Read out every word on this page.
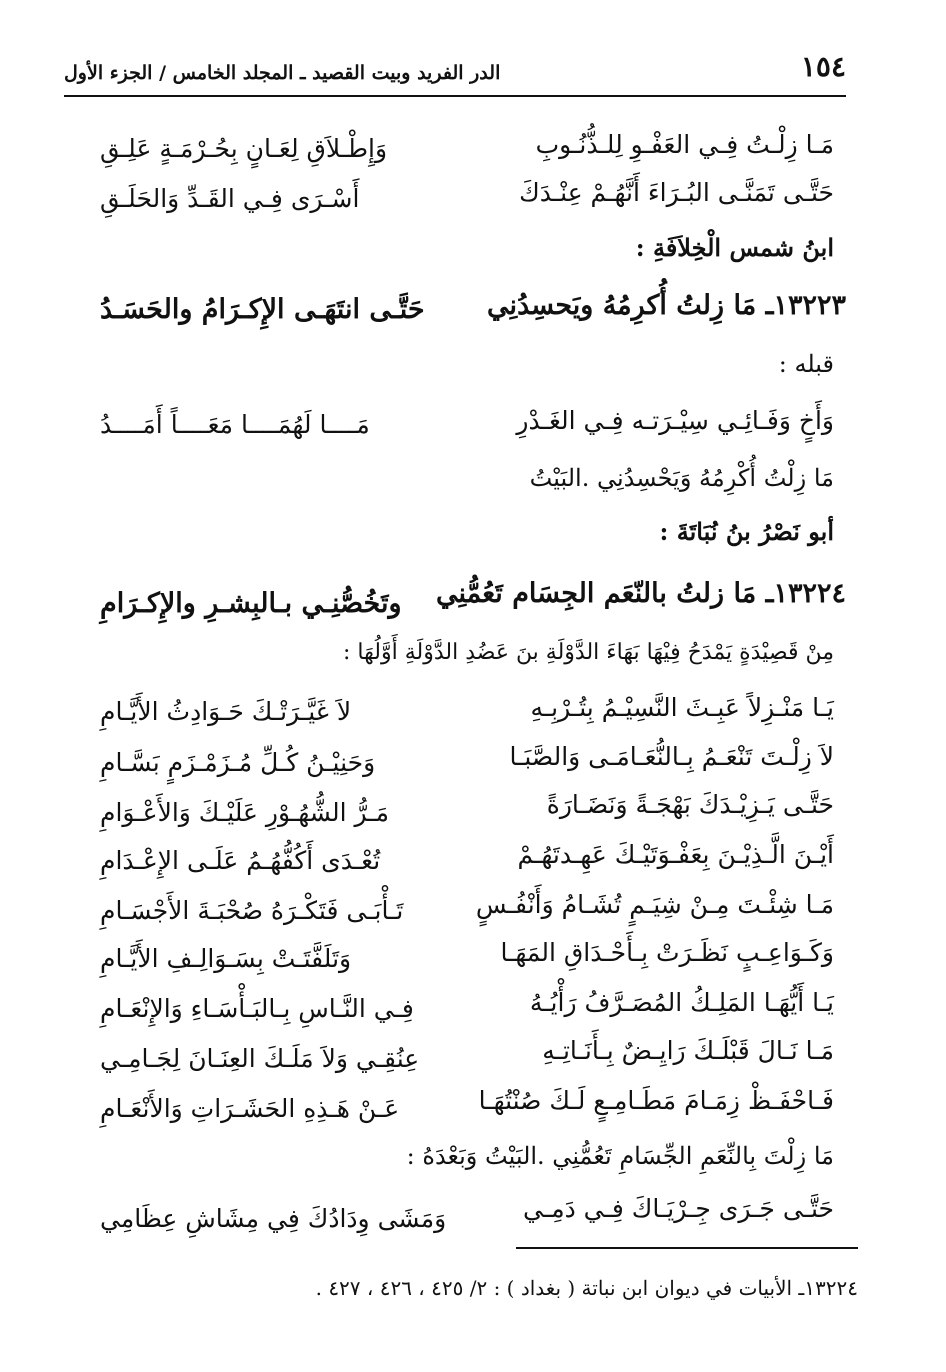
١٥٤
الدر الفريد وبيت القصيد ـ المجلد الخامس / الجزء الأول
مَـا زِلْـتُ فِـي العَفْـوِ لِلـذُّنُـوبِ
وَإِطْـلاَقِ لِعَـانٍ بِحُـرْمَـةٍ عَلِـقِ
حَتَّـى تَمَنَّـى البُـرَاءَ أَنَّهُـمْ عِنْـدَكَ
أَسْـرَى فِـي القَـدِّ وَالحَلَـقِ
ابنُ شمس الْخِلاَفَةِ :
١٣٢٢٣ـ مَا زِلتُ أُكرِمُهُ ويَحسِدُنِي
حَتَّـى انتَهَـى الإِكـرَامُ والحَسَـدُ
قبله :
وَأَخٍ وَفَـائِـي سِيْـرَتـه فِـي الغَـدْرِ
مَــــا لَهُمَــــا مَعَــــاً أَمَــــدُ
مَا زِلْتُ أُكْرِمُهُ وَيَحْسِدُنِي .البَيْتُ
أبو نَصْرُ بنُ نُبَاتَةَ :
١٣٢٢٤ـ مَا زلتُ بالنّعَم الجِسَام تَعُمُّنِي
وتَخُصُّنِـي بـالبِشـرِ والإِكـرَامِ
مِنْ قَصِيْدَةٍ يَمْدَحُ فِيْهَا بَهَاءَ الدَّوْلَةِ بنَ عَضُدِ الدَّوْلَةِ أَوَّلُهَا :
يَـا مَنْـزِلاً عَبِـثَ النَّسِيْـمُ بِتُـرْبِـهِ
لاَ غَيَّـرَتْـكَ حَـوَادِثُ الأَيَّـامِ
لاَ زِلْـتَ تَنْعَـمُ بِـالنُّعَـامَـى وَالصَّبَـا
وَحَنِيْـنُ كُـلِّ مُـزَمْـزَمٍ بَسَّـامِ
حَتَّـى يَـزِيْـدَكَ بَهْجَـةً وَنَضَـارَةً
مَـرُّ الشُّهُـوْرِ عَلَيْـكَ وَالأَعْـوَامِ
أَيْـنَ الَّـذِيْـنَ بِعَفْـوَتَيْـكَ عَهِـدتَهُـمْ
تُعْـدَى أَكُفُّهُـمُ عَلَـى الإِعْـدَامِ
مَـا شِئْـتَ مِـنْ شِيَـمٍ تُشَـامُ وَأَنْفُـسٍ
تَـأْبَـى فَتَكْـرَهُ صُحْبَـةَ الأَجْسَـامِ
وَكَـوَاعِـبٍ نَظَـرَتْ بِـأَحْـدَاقِ المَهَـا
وَتَلَفَّتَـتْ بِسَـوَالِـفِ الأَيَّـامِ
يَـا أَيُّهَـا المَلِـكُ المُصَـرَّفُ رَأْيُـهُ
فِـي النَّـاسِ بِـالبَـأْسَـاءِ وَالإِنْعَـامِ
مَـا نَـالَ قَبْلَـكَ رَايِـضٌ بِـأَنَـاتِـهِ
عِنُقِـي وَلاَ مَلَـكَ العِنَـانَ لِجَـامِـي
فَـاحْفَـظْ زِمَـامَ مَطَـامِـعٍ لَـكَ صُنْتُهَـا
عَـنْ هَـذِهِ الحَشَـرَاتِ وَالأَنْعَـامِ
مَا زِلْتَ بِالنِّعَمِ الجِّسَامِ تَعُمُّنِي .البَيْتُ وَبَعْدَهُ :
حَتَّـى جَـرَى جِـرْيَـاكَ فِـي دَمِـي
وَمَشَى وِدَادُكَ فِي مِشَاشِ عِظَامِي
١٣٢٢٤ـ الأبيات في ديوان ابن نباتة ( بغداد ) : ٢/ ٤٢٥ ، ٤٢٦ ، ٤٢٧ .
